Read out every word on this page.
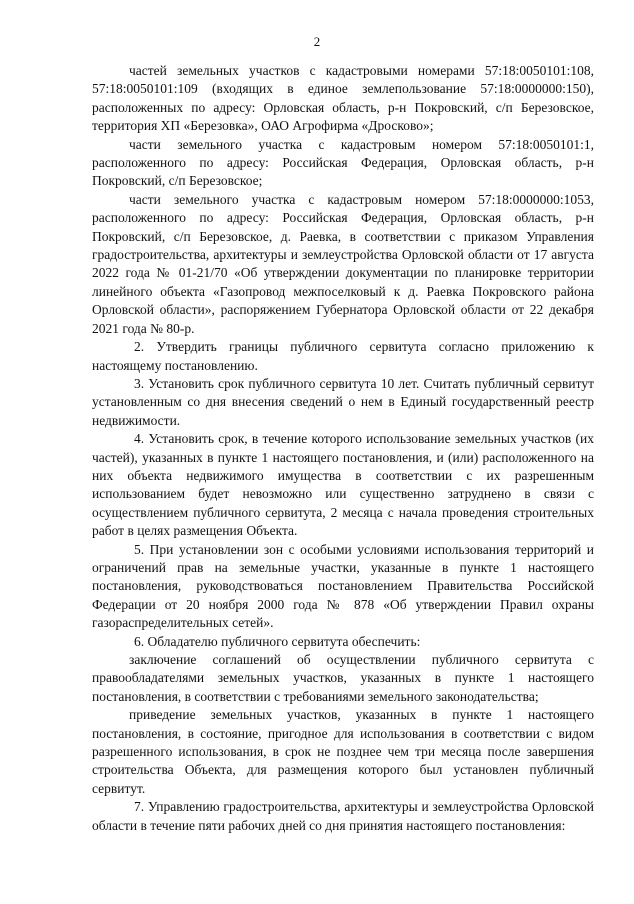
2

частей земельных участков с кадастровыми номерами 57:18:0050101:108, 57:18:0050101:109 (входящих в единое землепользование 57:18:0000000:150), расположенных по адресу: Орловская область, р-н Покровский, с/п Березовское, территория ХП «Березовка», ОАО Агрофирма «Дросково»;

части земельного участка с кадастровым номером 57:18:0050101:1, расположенного по адресу: Российская Федерация, Орловская область, р-н Покровский, с/п Березовское;

части земельного участка с кадастровым номером 57:18:0000000:1053, расположенного по адресу: Российская Федерация, Орловская область, р-н Покровский, с/п Березовское, д. Раевка, в соответствии с приказом Управления градостроительства, архитектуры и землеустройства Орловской области от 17 августа 2022 года № 01-21/70 «Об утверждении документации по планировке территории линейного объекта «Газопровод межпоселковый к д. Раевка Покровского района Орловской области», распоряжением Губернатора Орловской области от 22 декабря 2021 года № 80-р.

2. Утвердить границы публичного сервитута согласно приложению к настоящему постановлению.

3. Установить срок публичного сервитута 10 лет. Считать публичный сервитут установленным со дня внесения сведений о нем в Единый государственный реестр недвижимости.

4. Установить срок, в течение которого использование земельных участков (их частей), указанных в пункте 1 настоящего постановления, и (или) расположенного на них объекта недвижимого имущества в соответствии с их разрешенным использованием будет невозможно или существенно затруднено в связи с осуществлением публичного сервитута, 2 месяца с начала проведения строительных работ в целях размещения Объекта.

5. При установлении зон с особыми условиями использования территорий и ограничений прав на земельные участки, указанные в пункте 1 настоящего постановления, руководствоваться постановлением Правительства Российской Федерации от 20 ноября 2000 года № 878 «Об утверждении Правил охраны газораспределительных сетей».

6. Обладателю публичного сервитута обеспечить:

заключение соглашений об осуществлении публичного сервитута с правообладателями земельных участков, указанных в пункте 1 настоящего постановления, в соответствии с требованиями земельного законодательства;

приведение земельных участков, указанных в пункте 1 настоящего постановления, в состояние, пригодное для использования в соответствии с видом разрешенного использования, в срок не позднее чем три месяца после завершения строительства Объекта, для размещения которого был установлен публичный сервитут.

7. Управлению градостроительства, архитектуры и землеустройства Орловской области в течение пяти рабочих дней со дня принятия настоящего постановления:
